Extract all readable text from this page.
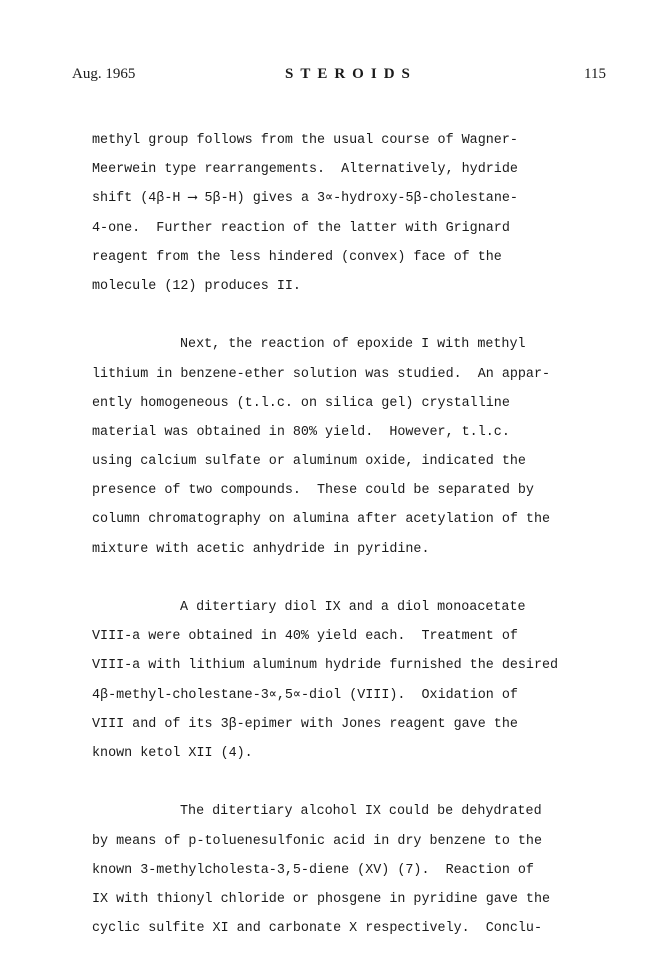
Aug. 1965	STEROIDS	115
methyl group follows from the usual course of Wagner-
Meerwein type rearrangements.  Alternatively, hydride
shift (4β-H ⟶ 5β-H) gives a 3∝-hydroxy-5β-cholestane-
4-one.  Further reaction of the latter with Grignard
reagent from the less hindered (convex) face of the
molecule (12) produces II.
Next, the reaction of epoxide I with methyl
lithium in benzene-ether solution was studied.  An appar-
ently homogeneous (t.l.c. on silica gel) crystalline
material was obtained in 80% yield.  However, t.l.c.
using calcium sulfate or aluminum oxide, indicated the
presence of two compounds.  These could be separated by
column chromatography on alumina after acetylation of the
mixture with acetic anhydride in pyridine.
A ditertiary diol IX and a diol monoacetate
VIII-a were obtained in 40% yield each.  Treatment of
VIII-a with lithium aluminum hydride furnished the desired
4β-methyl-cholestane-3∝,5∝-diol (VIII).  Oxidation of
VIII and of its 3β-epimer with Jones reagent gave the
known ketol XII (4).
The ditertiary alcohol IX could be dehydrated
by means of p-toluenesulfonic acid in dry benzene to the
known 3-methylcholesta-3,5-diene (XV) (7).  Reaction of
IX with thionyl chloride or phosgene in pyridine gave the
cyclic sulfite XI and carbonate X respectively.  Conclu-
